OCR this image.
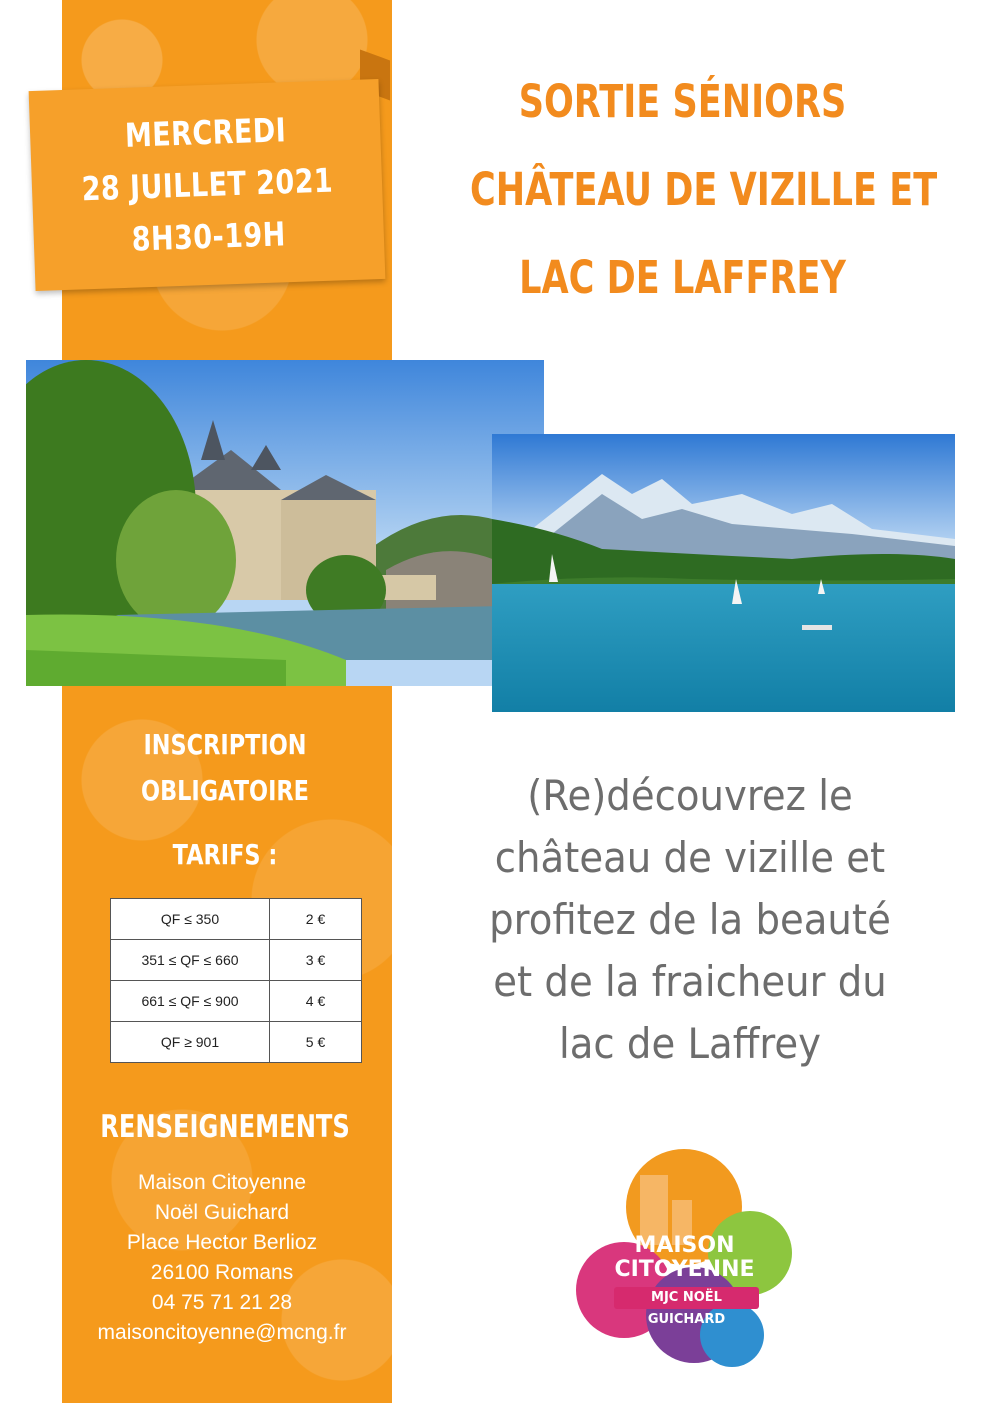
MERCREDI
28 JUILLET 2021
8H30-19H
SORTIE SÉNIORS
CHÂTEAU DE VIZILLE ET
LAC DE LAFFREY
INSCRIPTION
OBLIGATOIRE
TARIFS :
QF ≤ 350	2 €
351 ≤ QF ≤ 660	3 €
661 ≤ QF ≤ 900	4 €
QF ≥ 901	5 €
RENSEIGNEMENTS
Maison Citoyenne
Noël Guichard
Place Hector Berlioz
26100 Romans
04 75 71 21 28
maisoncitoyenne@mcng.fr
(Re)découvrez le
château de vizille et
profitez de la beauté
et de la fraicheur du
lac de Laffrey
MAISON
CITOYENNE
MJC NOËL GUICHARD
